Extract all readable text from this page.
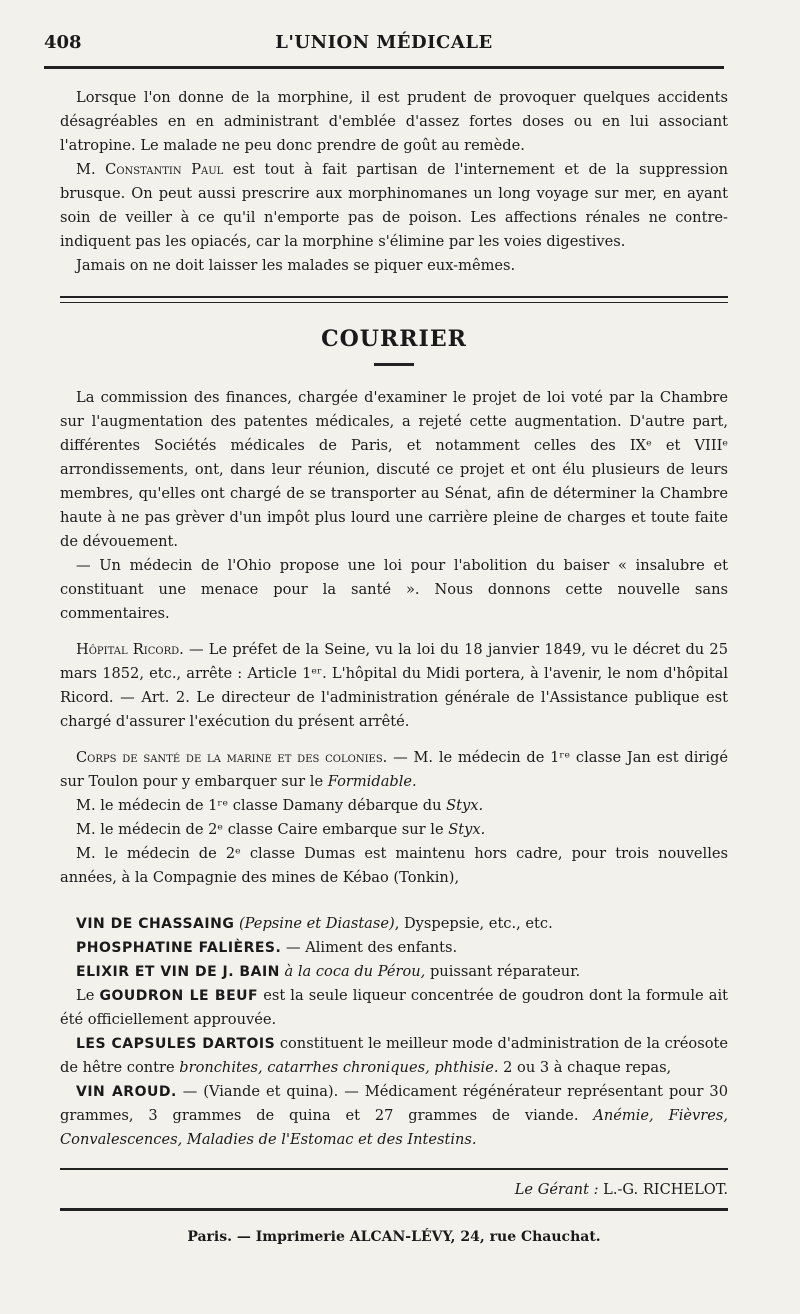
408	L'UNION MÉDICALE

Lorsque l'on donne de la morphine, il est prudent de provoquer quelques accidents désagréables en en administrant d'emblée d'assez fortes doses ou en lui associant l'atropine. Le malade ne peu donc prendre de goût au remède.

M. Constantin Paul est tout à fait partisan de l'internement et de la suppression brusque. On peut aussi prescrire aux morphinomanes un long voyage sur mer, en ayant soin de veiller à ce qu'il n'emporte pas de poison. Les affections rénales ne contre-indiquent pas les opiacés, car la morphine s'élimine par les voies digestives.

Jamais on ne doit laisser les malades se piquer eux-mêmes.

COURRIER

La commission des finances, chargée d'examiner le projet de loi voté par la Chambre sur l'augmentation des patentes médicales, a rejeté cette augmentation. D'autre part, différentes Sociétés médicales de Paris, et notamment celles des IXᵉ et VIIIᵉ arrondissements, ont, dans leur réunion, discuté ce projet et ont élu plusieurs de leurs membres, qu'elles ont chargé de se transporter au Sénat, afin de déterminer la Chambre haute à ne pas grèver d'un impôt plus lourd une carrière pleine de charges et toute faite de dévouement.

— Un médecin de l'Ohio propose une loi pour l'abolition du baiser « insalubre et constituant une menace pour la santé ». Nous donnons cette nouvelle sans commentaires.

Hôpital Ricord. — Le préfet de la Seine, vu la loi du 18 janvier 1849, vu le décret du 25 mars 1852, etc., arrête : Article 1ᵉʳ. L'hôpital du Midi portera, à l'avenir, le nom d'hôpital Ricord. — Art. 2. Le directeur de l'administration générale de l'Assistance publique est chargé d'assurer l'exécution du présent arrêté.

Corps de santé de la marine et des colonies. — M. le médecin de 1ʳᵉ classe Jan est dirigé sur Toulon pour y embarquer sur le Formidable.

M. le médecin de 1ʳᵉ classe Damany débarque du Styx.

M. le médecin de 2ᵉ classe Caire embarque sur le Styx.

M. le médecin de 2ᵉ classe Dumas est maintenu hors cadre, pour trois nouvelles années, à la Compagnie des mines de Kébao (Tonkin),

VIN DE CHASSAING (Pepsine et Diastase), Dyspepsie, etc., etc.

PHOSPHATINE FALIÈRES. — Aliment des enfants.

ELIXIR ET VIN DE J. BAIN à la coca du Pérou, puissant réparateur.

Le GOUDRON LE BEUF est la seule liqueur concentrée de goudron dont la formule ait été officiellement approuvée.

LES CAPSULES DARTOIS constituent le meilleur mode d'administration de la créosote de hêtre contre bronchites, catarrhes chroniques, phthisie. 2 ou 3 à chaque repas,

VIN AROUD. — (Viande et quina). — Médicament régénérateur représentant pour 30 grammes, 3 grammes de quina et 27 grammes de viande. Anémie, Fièvres, Convalescences, Maladies de l'Estomac et des Intestins.

Le Gérant : L.-G. RICHELOT.
Paris. — Imprimerie ALCAN-LÉVY, 24, rue Chauchat.
